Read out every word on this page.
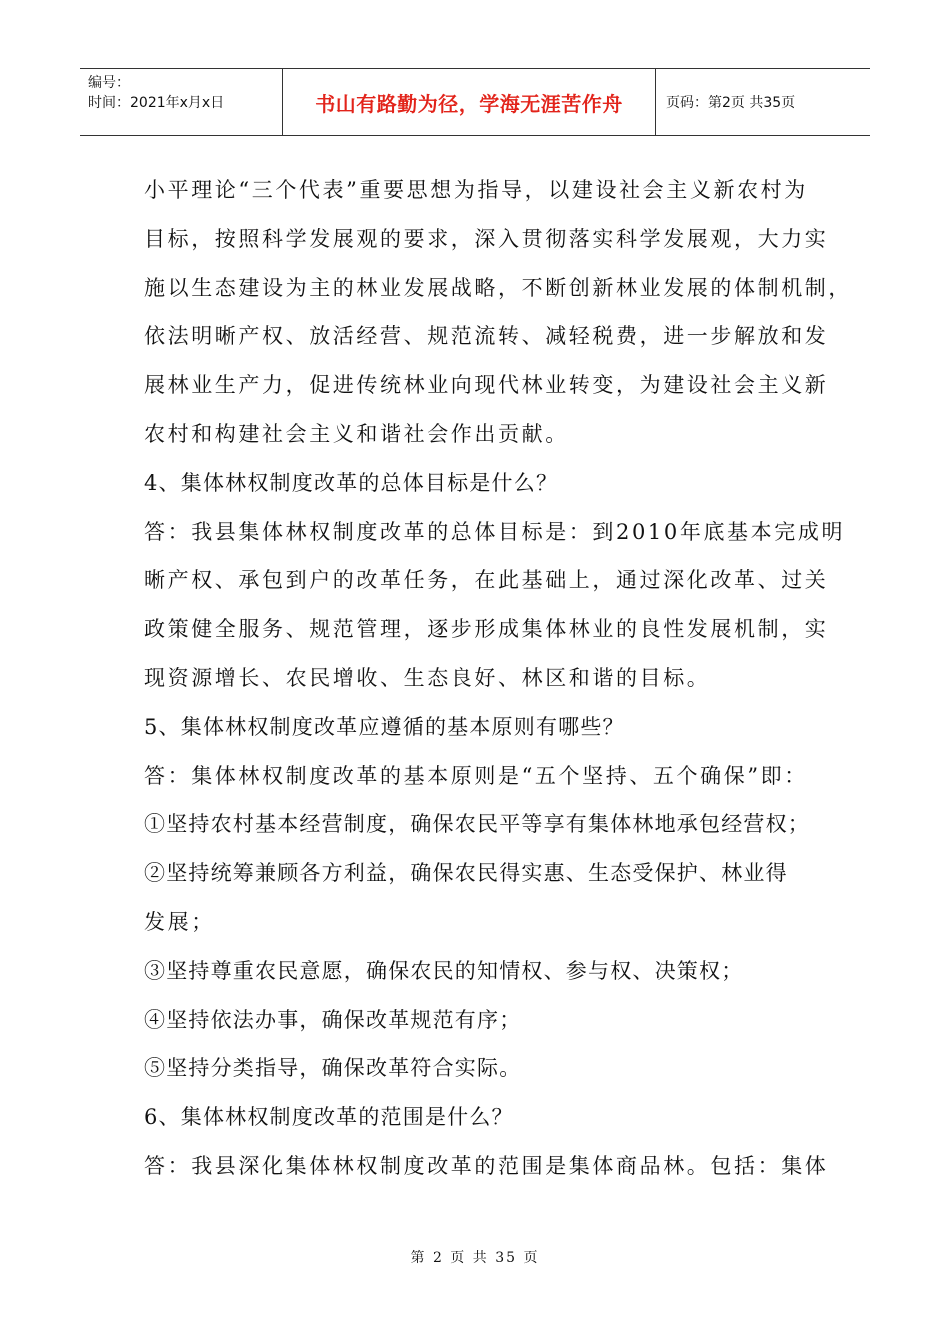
编号：
时间：2021年x月x日	书山有路勤为径，学海无涯苦作舟	页码：第2页 共35页
小平理论“三个代表”重要思想为指导，以建设社会主义新农村为
目标，按照科学发展观的要求，深入贯彻落实科学发展观，大力实
施以生态建设为主的林业发展战略，不断创新林业发展的体制机制，
依法明晰产权、放活经营、规范流转、减轻税费，进一步解放和发
展林业生产力，促进传统林业向现代林业转变，为建设社会主义新
农村和构建社会主义和谐社会作出贡献。
4、集体林权制度改革的总体目标是什么？
答：我县集体林权制度改革的总体目标是：到2010年底基本完成明
晰产权、承包到户的改革任务，在此基础上，通过深化改革、过关
政策健全服务、规范管理，逐步形成集体林业的良性发展机制，实
现资源增长、农民增收、生态良好、林区和谐的目标。
5、集体林权制度改革应遵循的基本原则有哪些？
答：集体林权制度改革的基本原则是“五个坚持、五个确保”即：
①坚持农村基本经营制度，确保农民平等享有集体林地承包经营权；
②坚持统筹兼顾各方利益，确保农民得实惠、生态受保护、林业得
发展；
③坚持尊重农民意愿，确保农民的知情权、参与权、决策权；
④坚持依法办事，确保改革规范有序；
⑤坚持分类指导，确保改革符合实际。
6、集体林权制度改革的范围是什么？
答：我县深化集体林权制度改革的范围是集体商品林。包括：集体
第 2 页 共 35 页
